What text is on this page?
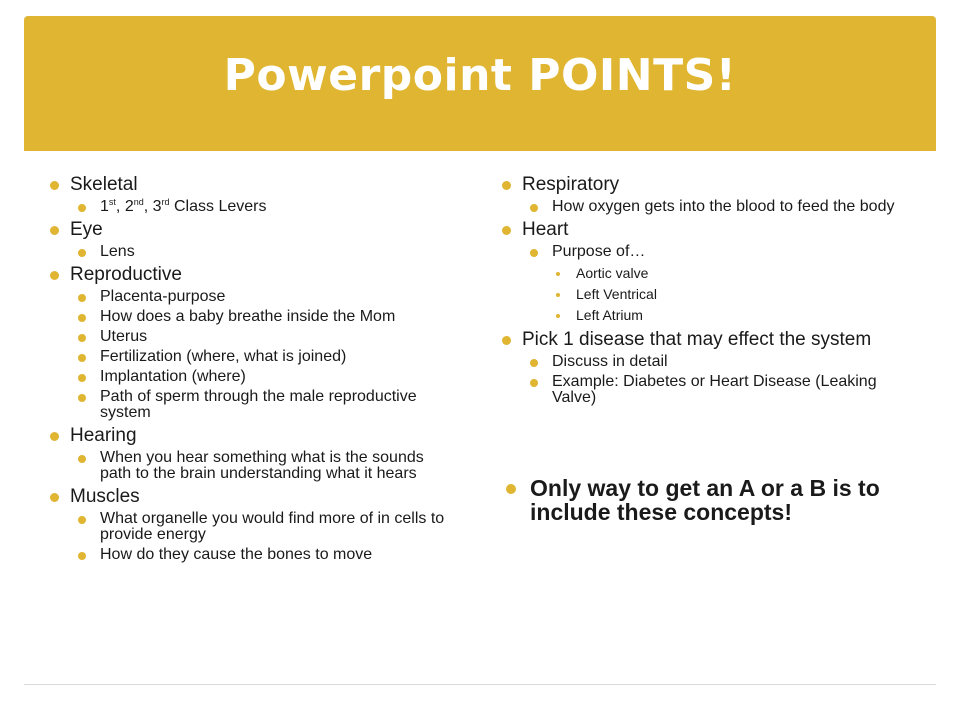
Powerpoint POINTS!
Skeletal
1st, 2nd, 3rd Class Levers
Eye
Lens
Reproductive
Placenta-purpose
How does a baby breathe inside the Mom
Uterus
Fertilization (where, what is joined)
Implantation (where)
Path of sperm through the male reproductive system
Hearing
When you hear something what is the sounds path to the brain understanding what it hears
Muscles
What organelle you would find more of in cells to provide energy
How do they cause the bones to move
Respiratory
How oxygen gets into the blood to feed the body
Heart
Purpose of…
Aortic valve
Left Ventrical
Left Atrium
Pick 1 disease that may effect the system
Discuss in detail
Example: Diabetes or Heart Disease (Leaking Valve)
Only way to get an A or a B is to include these concepts!
